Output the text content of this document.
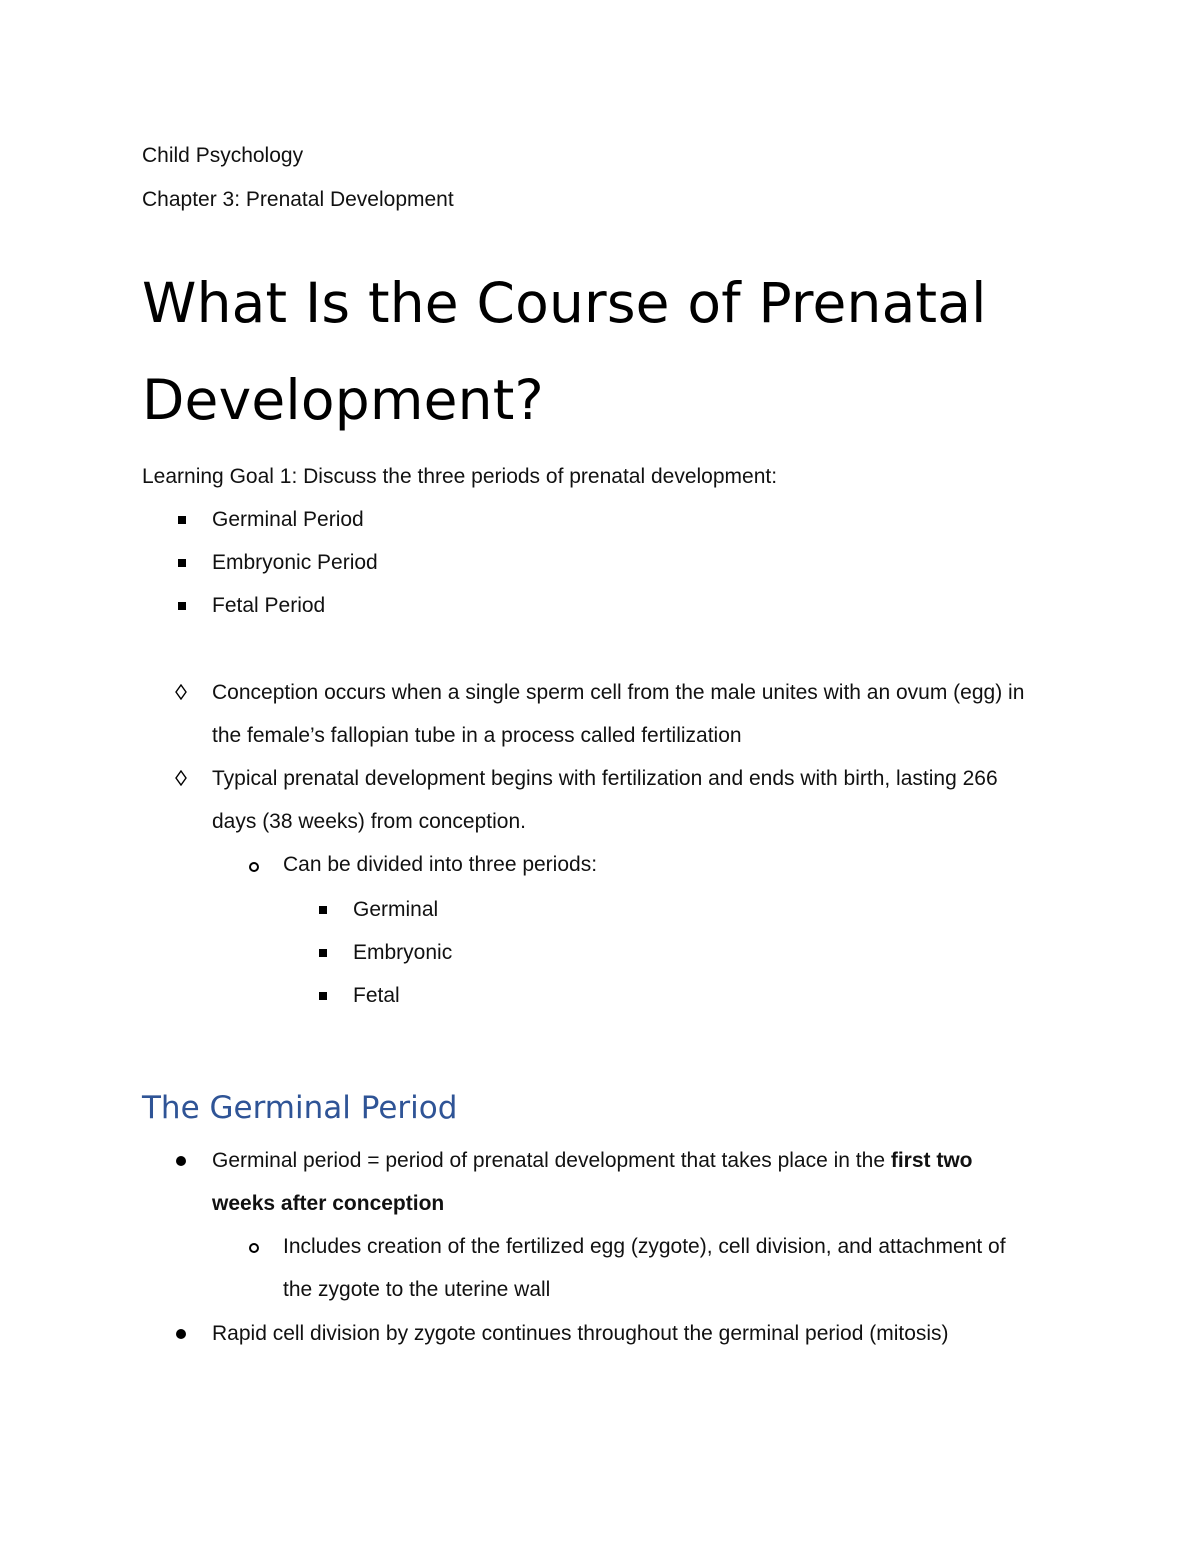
Child Psychology
Chapter 3: Prenatal Development
What Is the Course of Prenatal
Development?
Learning Goal 1: Discuss the three periods of prenatal development:
Germinal Period
Embryonic Period
Fetal Period
Conception occurs when a single sperm cell from the male unites with an ovum (egg) in
the female’s fallopian tube in a process called fertilization
Typical prenatal development begins with fertilization and ends with birth, lasting 266
days (38 weeks) from conception.
Can be divided into three periods:
Germinal
Embryonic
Fetal
The Germinal Period
Germinal period = period of prenatal development that takes place in the first two
weeks after conception
Includes creation of the fertilized egg (zygote), cell division, and attachment of
the zygote to the uterine wall
Rapid cell division by zygote continues throughout the germinal period (mitosis)
